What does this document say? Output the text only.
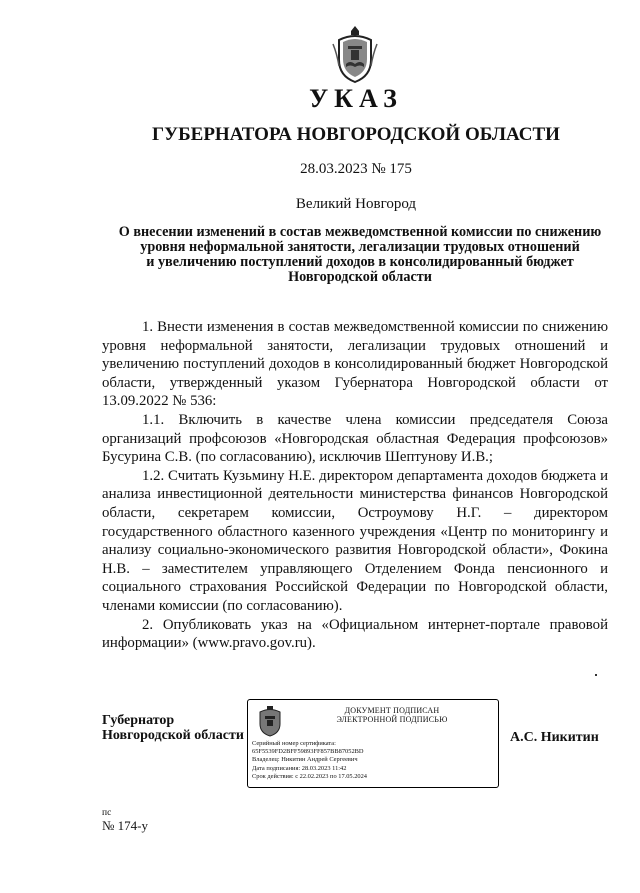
УКАЗ
ГУБЕРНАТОРА НОВГОРОДСКОЙ ОБЛАСТИ
28.03.2023 № 175
Великий Новгород
О внесении изменений в состав межведомственной комиссии по снижению
уровня неформальной занятости, легализации трудовых отношений
и увеличению поступлений доходов в консолидированный бюджет
Новгородской области

1. Внести изменения в состав межведомственной комиссии по снижению уровня неформальной занятости, легализации трудовых отношений и увеличению поступлений доходов в консолидированный бюджет Новгородской области, утвержденный указом Губернатора Новгородской области от 13.09.2022 № 536:

1.1. Включить в качестве члена комиссии председателя Союза организаций профсоюзов «Новгородская областная Федерация профсоюзов» Бусурина С.В. (по согласованию), исключив Шептунову И.В.;

1.2. Считать Кузьмину Н.Е. директором департамента доходов бюджета и анализа инвестиционной деятельности министерства финансов Новгородской области, секретарем комиссии, Остроумову Н.Г. – директором государственного областного казенного учреждения «Центр по мониторингу и анализу социально-экономического развития Новгородской области», Фокина Н.В. – заместителем управляющего Отделением Фонда пенсионного и социального страхования Российской Федерации по Новгородской области, членами комиссии (по согласованию).

2. Опубликовать указ на «Официальном интернет-портале правовой информации» (www.pravo.gov.ru).

Губернатор
Новгородской области
ДОКУМЕНТ ПОДПИСАН
ЭЛЕКТРОННОЙ ПОДПИСЬЮ
Серийный номер сертификата:
65F5539FD2BFF59893FF857BB87052BD
Владелец: Никитин Андрей Сергеевич
Дата подписания: 28.03.2023 11:42
Срок действия: с 22.02.2023 по 17.05.2024
А.С. Никитин
пс
№ 174-у
